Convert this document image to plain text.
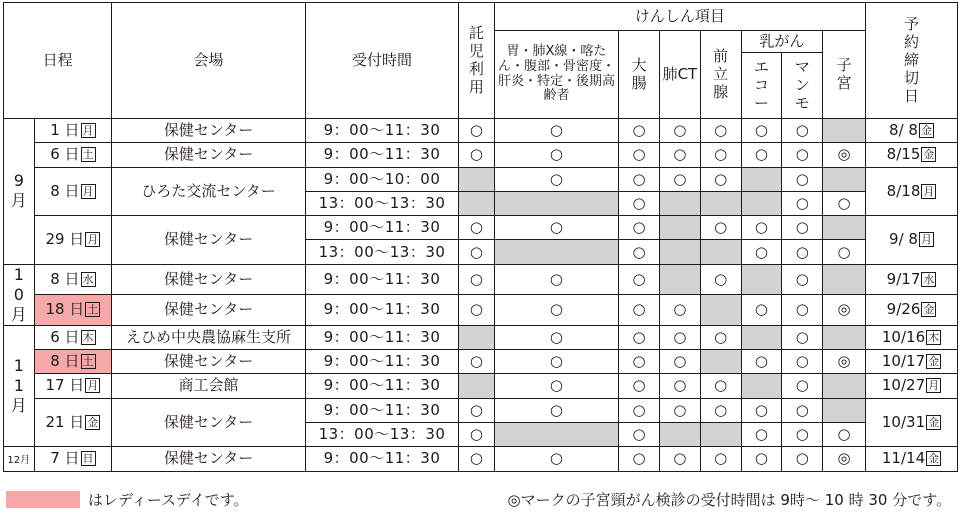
日程		会場	受付時間	託児利用	けんしん項目							予約締切日
					胃・肺X線・喀たん・腹部・骨密度・肝炎・特定・後期高齢者	大腸	肺CT	前立腺	乳がん		子宮	
									エコー	マンモ		
9月	1 日 月	保健センター	9：00〜11：30	○	○	○	○	○	○	○		8/ 8 金
	6 日 土	保健センター	9：00〜11：30	○	○	○	○	○	○	○	◎	8/15 金
	8 日 月	ひろた交流センター	9：00〜10：00		○	○	○	○		○		8/18 月
			13：00〜13：30			○				○	○	
	29 日 月	保健センター	9：00〜11：30	○	○	○		○	○	○		9/ 8 月
			13：00〜13：30	○		○			○	○	○	
10月	8 日 水	保健センター	9：00〜11：30	○	○	○		○		○		9/17 水
	18 日 土	保健センター	9：00〜11：30	○	○	○	○		○	○	◎	9/26 金
11月	6 日 木	えひめ中央農協麻生支所	9：00〜11：30		○	○	○	○		○		10/16 木
	8 日 土	保健センター	9：00〜11：30	○	○	○	○		○	○	◎	10/17 金
	17 日 月	商工会館	9：00〜11：30		○	○	○	○		○		10/27 月
	21 日 金	保健センター	9：00〜11：30	○	○	○	○	○	○	○		10/31 金
			13：00〜13：30	○		○			○	○	○	
12月	7 日 日	保健センター	9：00〜11：30	○	○	○	○	○	○	○	◎	11/14 金
はレディースデイです。	◎マークの子宮頸がん検診の受付時間は 9時〜 10 時 30 分です。
